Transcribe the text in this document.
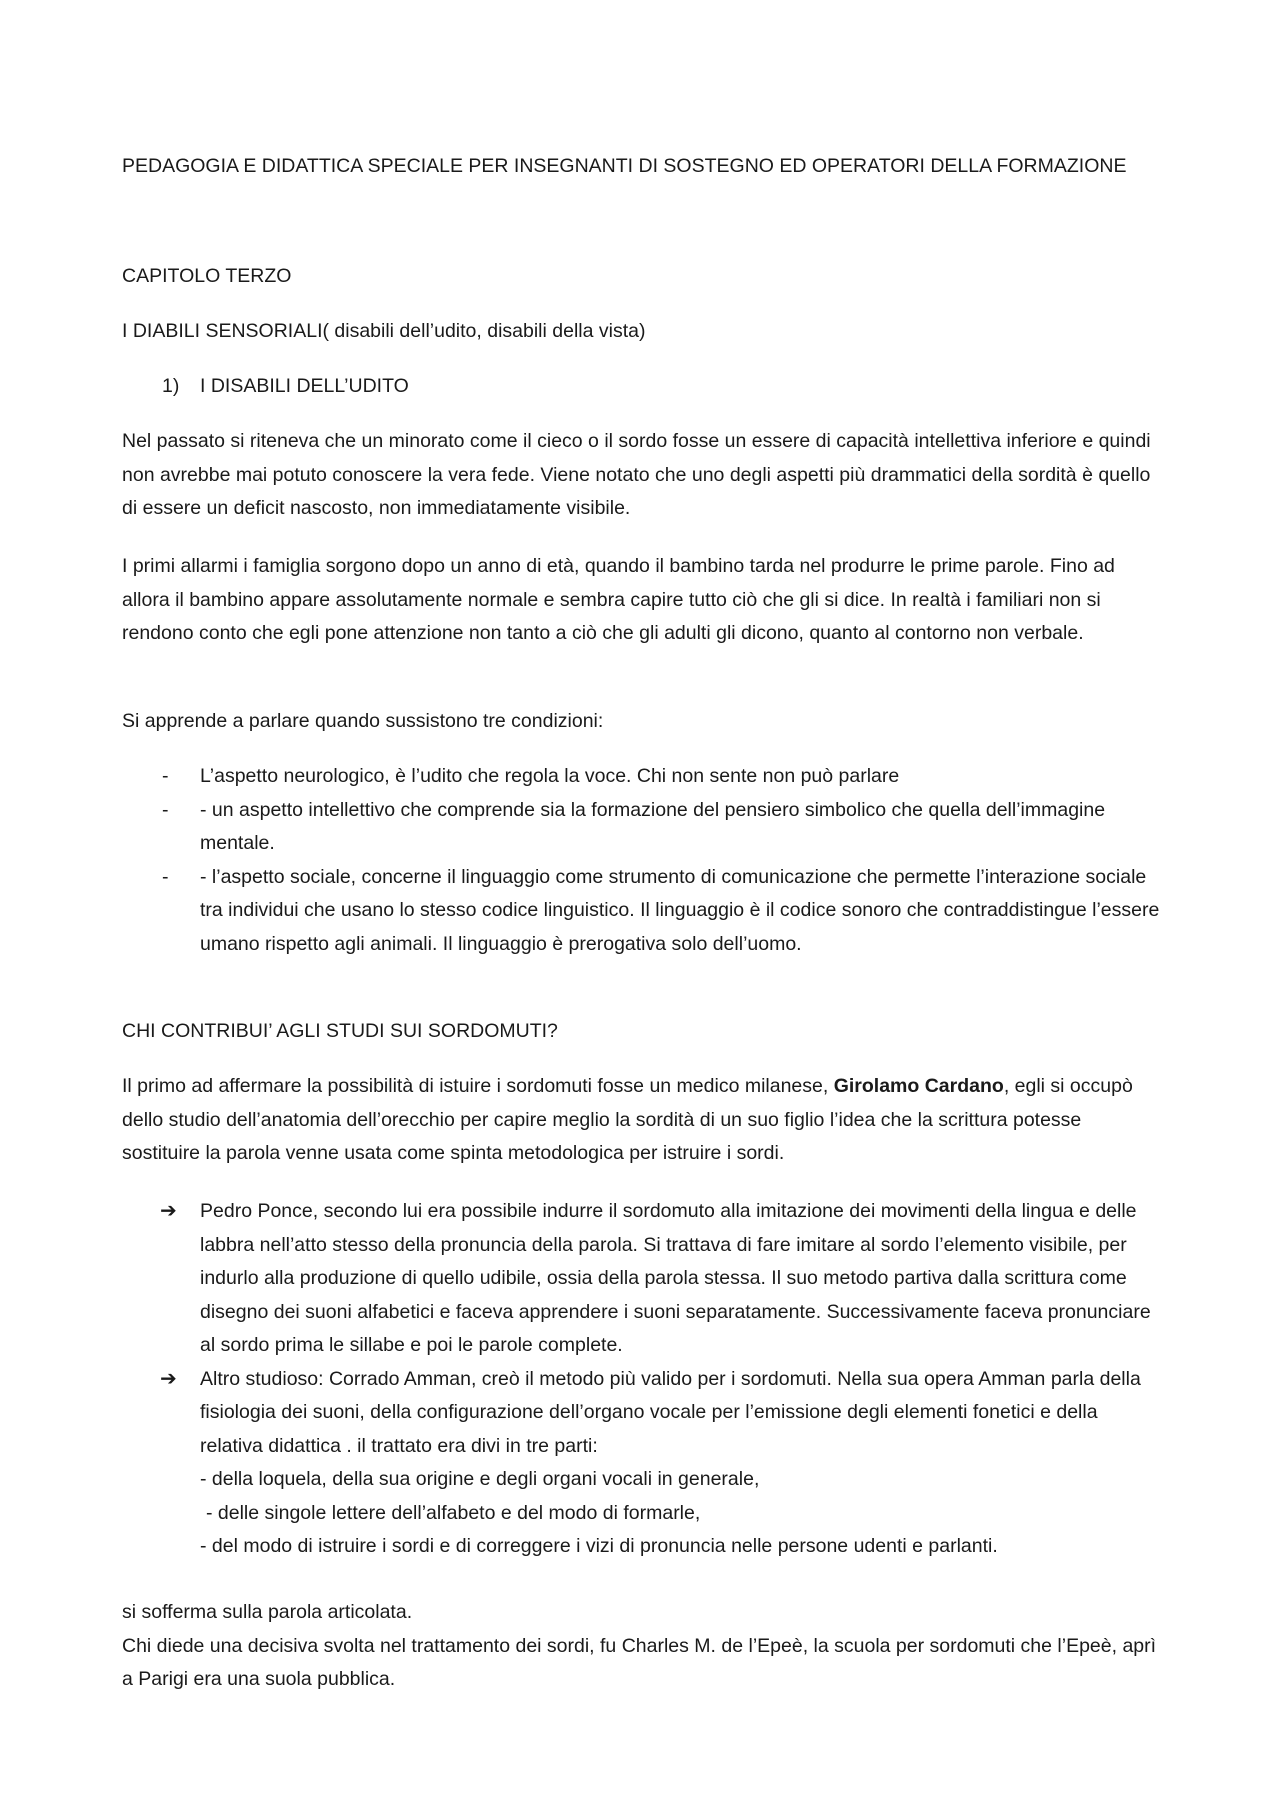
PEDAGOGIA E DIDATTICA SPECIALE PER INSEGNANTI DI SOSTEGNO ED OPERATORI DELLA FORMAZIONE

CAPITOLO TERZO

I DIABILI SENSORIALI( disabili dell’udito, disabili della vista)

1)	I DISABILI DELL’UDITO

Nel passato si riteneva che un minorato come il cieco o il sordo fosse un essere di capacità intellettiva inferiore e quindi non avrebbe mai potuto conoscere la vera fede. Viene notato che uno degli aspetti più drammatici della sordità è quello di essere un deficit nascosto, non immediatamente visibile.

I primi allarmi i famiglia sorgono dopo un anno di età, quando il bambino tarda nel produrre le prime parole. Fino ad allora il bambino appare assolutamente normale e sembra capire tutto ciò che gli si dice. In realtà i familiari non si rendono conto che egli pone attenzione non tanto a ciò che gli adulti gli dicono, quanto al contorno non verbale.

Si apprende a parlare quando sussistono tre condizioni:

- L’aspetto neurologico, è l’udito che regola la voce. Chi non sente non può parlare
- - un aspetto intellettivo che comprende sia la formazione del pensiero simbolico che quella dell’immagine mentale.
- - l’aspetto sociale, concerne il linguaggio come strumento di comunicazione che permette l’interazione sociale tra individui che usano lo stesso codice linguistico. Il linguaggio è il codice sonoro che contraddistingue l’essere umano rispetto agli animali. Il linguaggio è prerogativa solo dell’uomo.

CHI CONTRIBUI’ AGLI STUDI SUI SORDOMUTI?

Il primo ad affermare la possibilità di istuire i sordomuti fosse un medico milanese, Girolamo Cardano, egli si occupò dello studio dell’anatomia dell’orecchio per capire meglio la sordità di un suo figlio l’idea che la scrittura potesse sostituire la parola venne usata come spinta metodologica per istruire i sordi.

➔ Pedro Ponce, secondo lui era possibile indurre il sordomuto alla imitazione dei movimenti della lingua e delle labbra nell’atto stesso della pronuncia della parola. Si trattava di fare imitare al sordo l’elemento visibile, per indurlo alla produzione di quello udibile, ossia della parola stessa. Il suo metodo partiva dalla scrittura come disegno dei suoni alfabetici e faceva apprendere i suoni separatamente. Successivamente faceva pronunciare al sordo prima le sillabe e poi le parole complete.
➔ Altro studioso: Corrado Amman, creò il metodo più valido per i sordomuti. Nella sua opera Amman parla della fisiologia dei suoni, della configurazione dell’organo vocale per l’emissione degli elementi fonetici e della relativa didattica . il trattato era divi in tre parti:
- della loquela, della sua origine e degli organi vocali in generale,
- delle singole lettere dell’alfabeto e del modo di formarle,
- del modo di istruire i sordi e di correggere i vizi di pronuncia nelle persone udenti e parlanti.
si sofferma sulla parola articolata.
Chi diede una decisiva svolta nel trattamento dei sordi, fu Charles M. de l’Epeè, la scuola per sordomuti che l’Epeè, aprì a Parigi era una suola pubblica.
